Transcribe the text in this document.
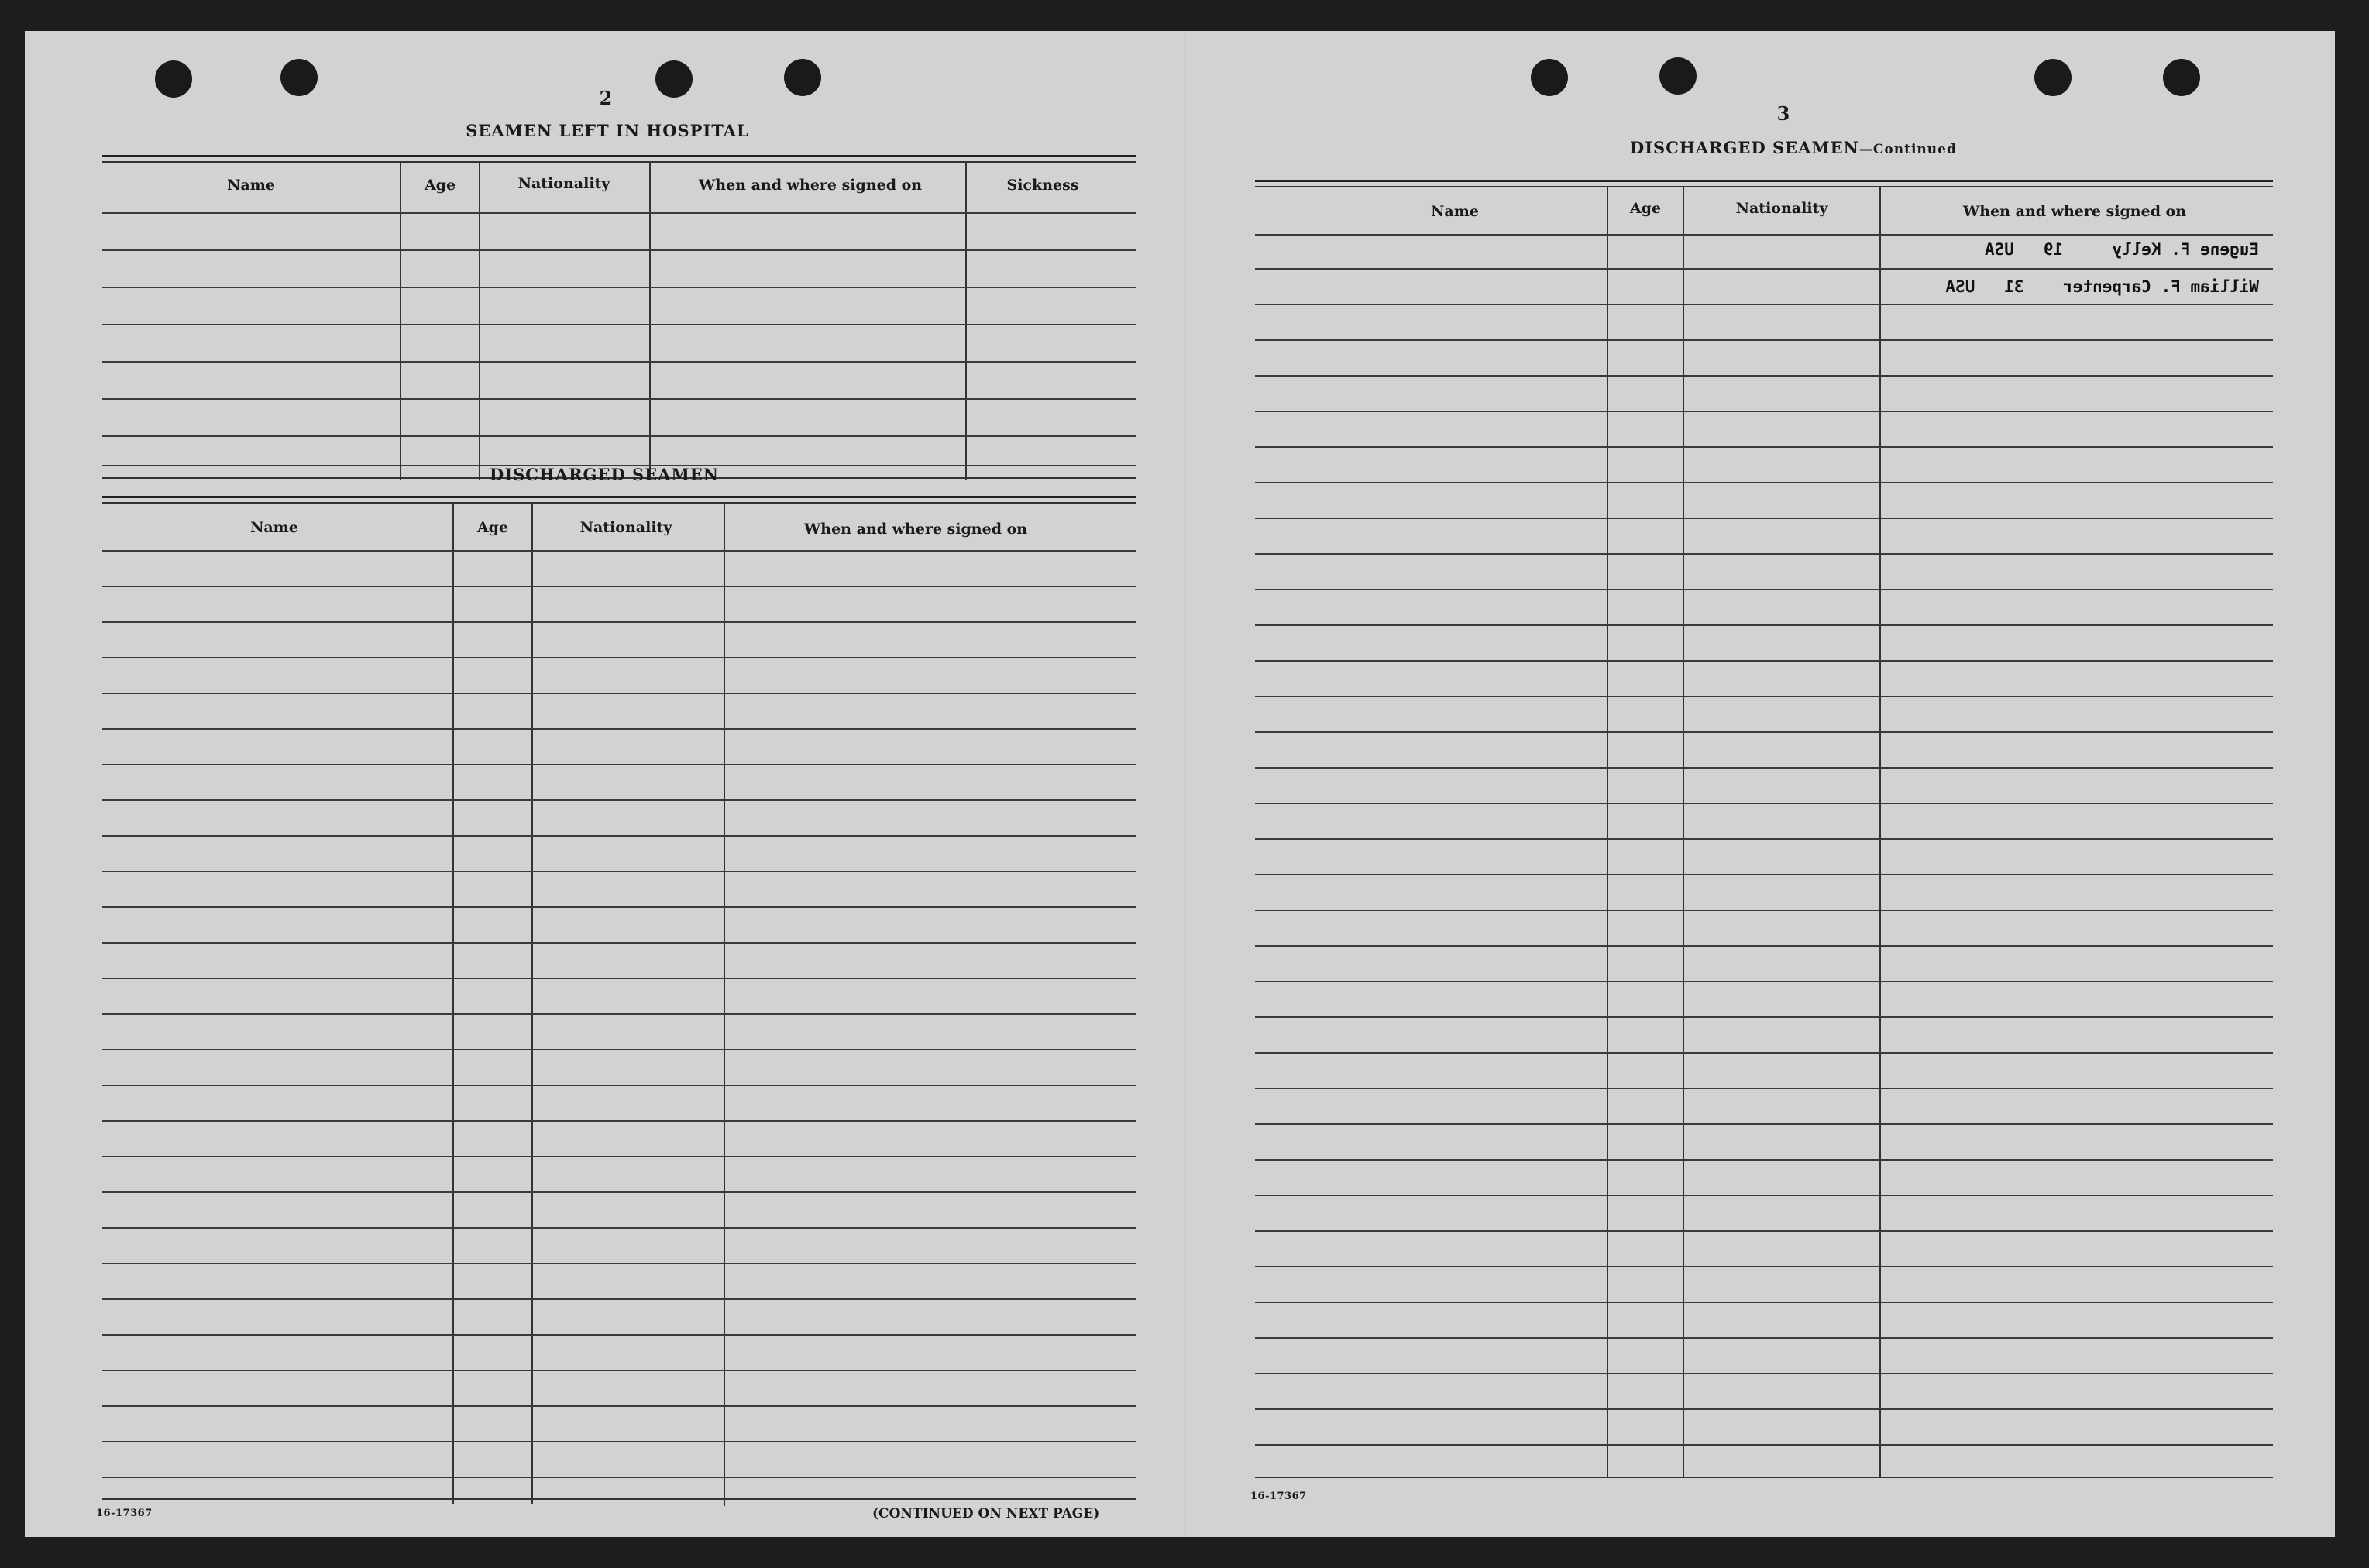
2
SEAMEN LEFT IN HOSPITAL
Name	Age	Nationality	When and where signed on	Sickness
DISCHARGED SEAMEN
Name	Age	Nationality	When and where signed on
16-17367	(CONTINUED ON NEXT PAGE)
3
DISCHARGED SEAMEN—Continued
Name	Age	Nationality	When and where signed on
Eugene F. Kelly     19   USA
William F. Carpenter    31   USA
16-17367
